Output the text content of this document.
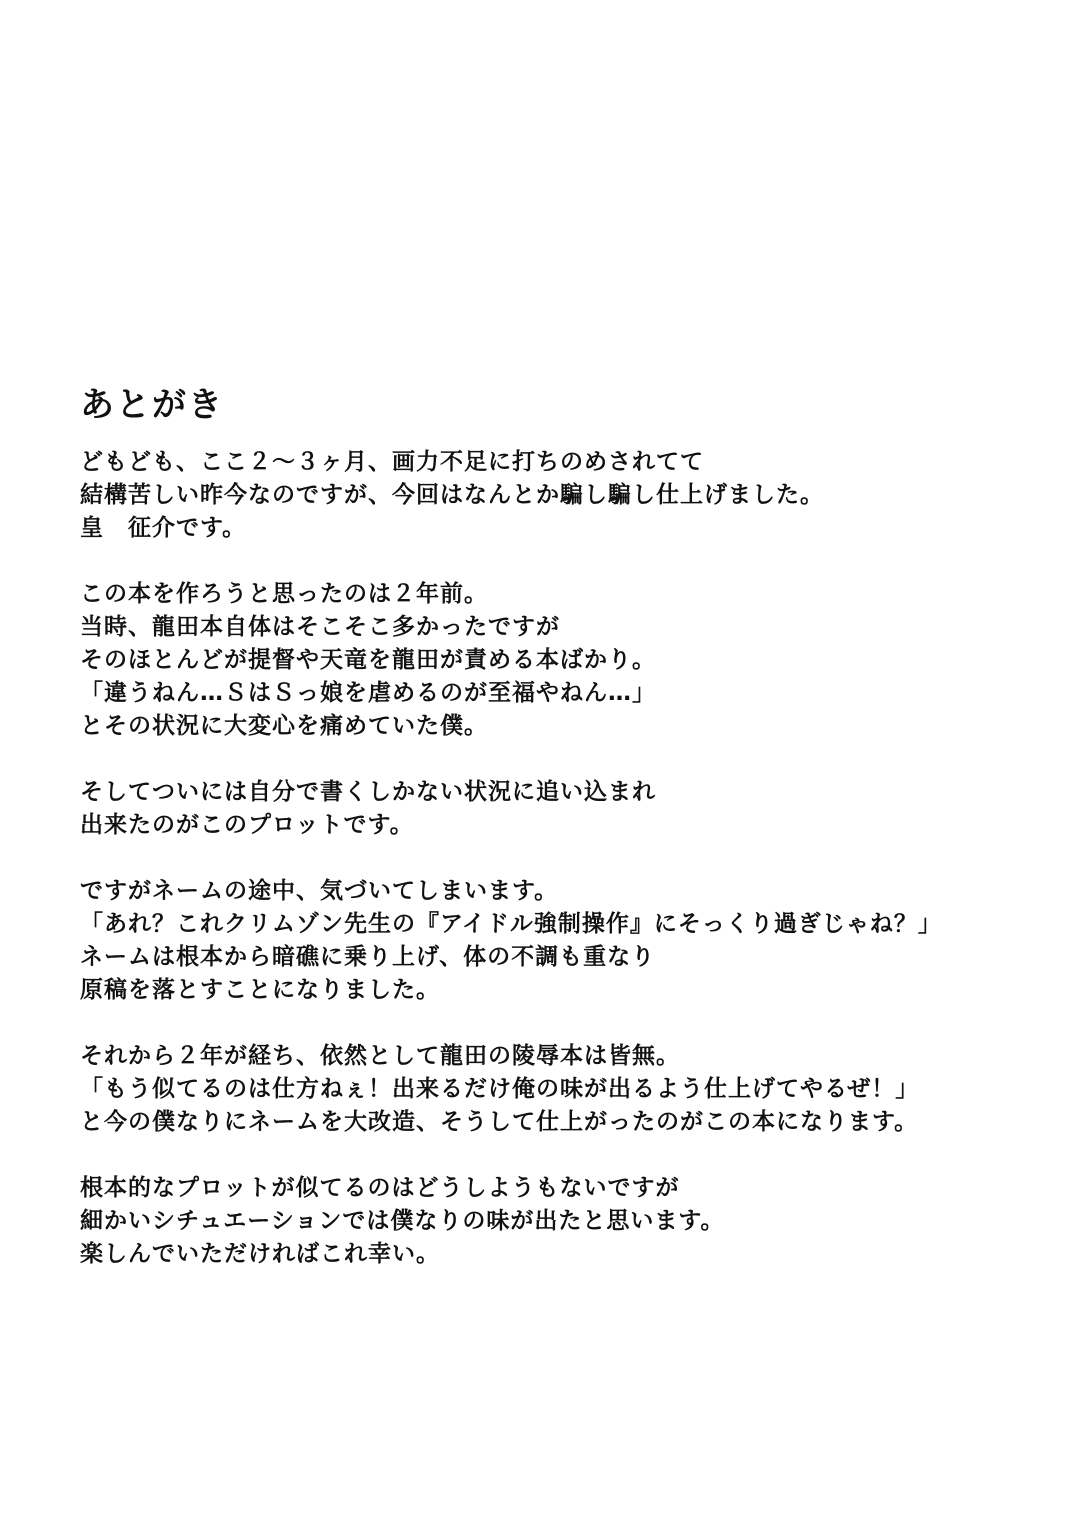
あとがき

どもども、ここ２～３ヶ月、画力不足に打ちのめされてて
結構苦しい昨今なのですが、今回はなんとか騙し騙し仕上げました。
皇　征介です。

この本を作ろうと思ったのは２年前。
当時、龍田本自体はそこそこ多かったですが
そのほとんどが提督や天竜を龍田が責める本ばかり。
「違うねん…ＳはＳっ娘を虐めるのが至福やねん…」
とその状況に大変心を痛めていた僕。

そしてついには自分で書くしかない状況に追い込まれ
出来たのがこのプロットです。

ですがネームの途中、気づいてしまいます。
「あれ？これクリムゾン先生の『アイドル強制操作』にそっくり過ぎじゃね？」
ネームは根本から暗礁に乗り上げ、体の不調も重なり
原稿を落とすことになりました。

それから２年が経ち、依然として龍田の陵辱本は皆無。
「もう似てるのは仕方ねぇ！出来るだけ俺の味が出るよう仕上げてやるぜ！」
と今の僕なりにネームを大改造、そうして仕上がったのがこの本になります。

根本的なプロットが似てるのはどうしようもないですが
細かいシチュエーションでは僕なりの味が出たと思います。
楽しんでいただければこれ幸い。
